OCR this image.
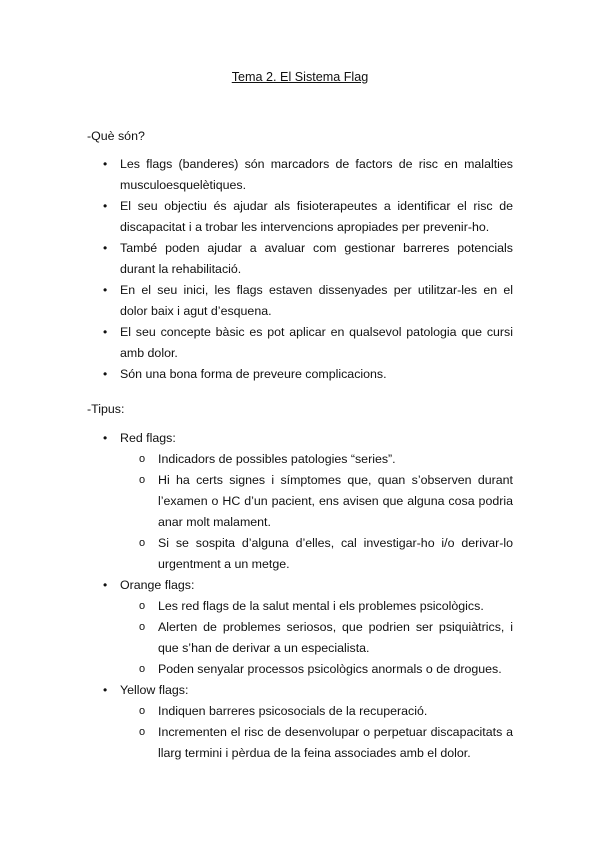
Tema 2. El Sistema Flag
-Què són?
• Les flags (banderes) són marcadors de factors de risc en malalties musculoesquelètiques.
• El seu objectiu és ajudar als fisioterapeutes a identificar el risc de discapacitat i a trobar les intervencions apropiades per prevenir-ho.
• També poden ajudar a avaluar com gestionar barreres potencials durant la rehabilitació.
• En el seu inici, les flags estaven dissenyades per utilitzar-les en el dolor baix i agut d’esquena.
• El seu concepte bàsic es pot aplicar en qualsevol patologia que cursi amb dolor.
• Són una bona forma de preveure complicacions.
-Tipus:
• Red flags:
o Indicadors de possibles patologies “series”.
o Hi ha certs signes i símptomes que, quan s’observen durant l’examen o HC d’un pacient, ens avisen que alguna cosa podria anar molt malament.
o Si se sospita d’alguna d’elles, cal investigar-ho i/o derivar-lo urgentment a un metge.
• Orange flags:
o Les red flags de la salut mental i els problemes psicològics.
o Alerten de problemes seriosos, que podrien ser psiquiàtrics, i que s’han de derivar a un especialista.
o Poden senyalar processos psicològics anormals o de drogues.
• Yellow flags:
o Indiquen barreres psicosocials de la recuperació.
o Incrementen el risc de desenvolupar o perpetuar discapacitats a llarg termini i pèrdua de la feina associades amb el dolor.
